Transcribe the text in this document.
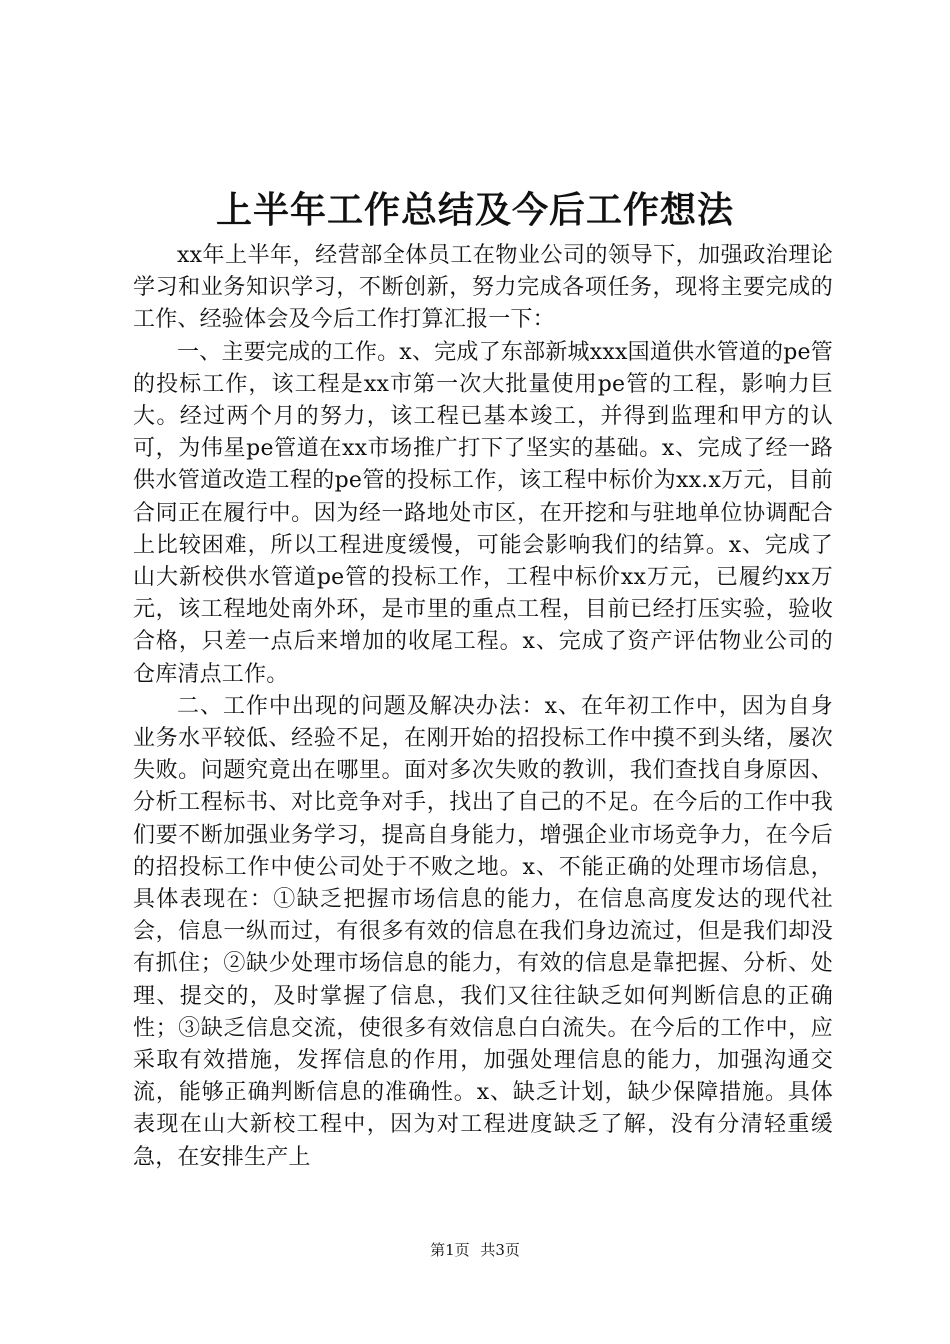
上半年工作总结及今后工作想法

xx年上半年，经营部全体员工在物业公司的领导下，加强政治理论学习和业务知识学习，不断创新，努力完成各项任务，现将主要完成的工作、经验体会及今后工作打算汇报一下：

一、主要完成的工作。x、完成了东部新城xxx国道供水管道的pe管的投标工作，该工程是xx市第一次大批量使用pe管的工程，影响力巨大。经过两个月的努力，该工程已基本竣工，并得到监理和甲方的认可，为伟星pe管道在xx市场推广打下了坚实的基础。x、完成了经一路供水管道改造工程的pe管的投标工作，该工程中标价为xx.x万元，目前合同正在履行中。因为经一路地处市区，在开挖和与驻地单位协调配合上比较困难，所以工程进度缓慢，可能会影响我们的结算。x、完成了山大新校供水管道pe管的投标工作，工程中标价xx万元，已履约xx万元，该工程地处南外环，是市里的重点工程，目前已经打压实验，验收合格，只差一点后来增加的收尾工程。x、完成了资产评估物业公司的仓库清点工作。

二、工作中出现的问题及解决办法：x、在年初工作中，因为自身业务水平较低、经验不足，在刚开始的招投标工作中摸不到头绪，屡次失败。问题究竟出在哪里。面对多次失败的教训，我们查找自身原因、分析工程标书、对比竞争对手，找出了自己的不足。在今后的工作中我们要不断加强业务学习，提高自身能力，增强企业市场竞争力，在今后的招投标工作中使公司处于不败之地。x、不能正确的处理市场信息，具体表现在：①缺乏把握市场信息的能力，在信息高度发达的现代社会，信息一纵而过，有很多有效的信息在我们身边流过，但是我们却没有抓住；②缺少处理市场信息的能力，有效的信息是靠把握、分析、处理、提交的，及时掌握了信息，我们又往往缺乏如何判断信息的正确性；③缺乏信息交流，使很多有效信息白白流失。在今后的工作中，应采取有效措施，发挥信息的作用，加强处理信息的能力，加强沟通交流，能够正确判断信息的准确性。x、缺乏计划，缺少保障措施。具体表现在山大新校工程中，因为对工程进度缺乏了解，没有分清轻重缓急，在安排生产上

第1页 共3页
